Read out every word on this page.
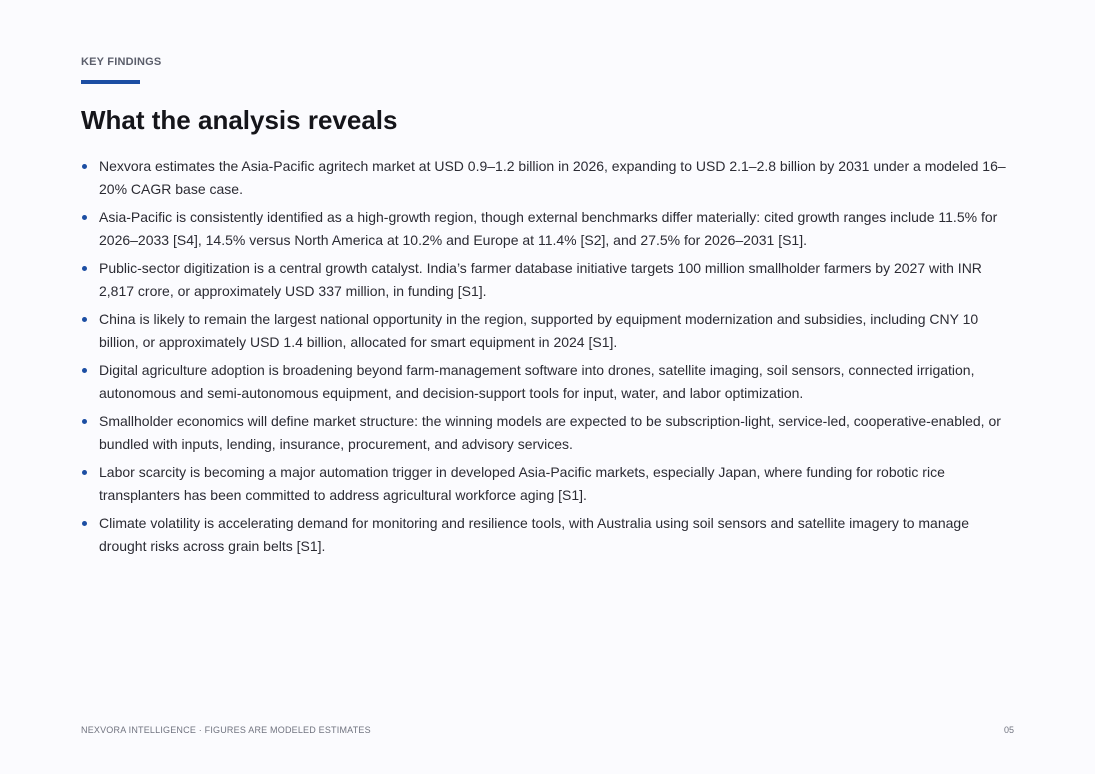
KEY FINDINGS
What the analysis reveals
Nexvora estimates the Asia-Pacific agritech market at USD 0.9–1.2 billion in 2026, expanding to USD 2.1–2.8 billion by 2031 under a modeled 16–20% CAGR base case.
Asia-Pacific is consistently identified as a high-growth region, though external benchmarks differ materially: cited growth ranges include 11.5% for 2026–2033 [S4], 14.5% versus North America at 10.2% and Europe at 11.4% [S2], and 27.5% for 2026–2031 [S1].
Public-sector digitization is a central growth catalyst. India’s farmer database initiative targets 100 million smallholder farmers by 2027 with INR 2,817 crore, or approximately USD 337 million, in funding [S1].
China is likely to remain the largest national opportunity in the region, supported by equipment modernization and subsidies, including CNY 10 billion, or approximately USD 1.4 billion, allocated for smart equipment in 2024 [S1].
Digital agriculture adoption is broadening beyond farm-management software into drones, satellite imaging, soil sensors, connected irrigation, autonomous and semi-autonomous equipment, and decision-support tools for input, water, and labor optimization.
Smallholder economics will define market structure: the winning models are expected to be subscription-light, service-led, cooperative-enabled, or bundled with inputs, lending, insurance, procurement, and advisory services.
Labor scarcity is becoming a major automation trigger in developed Asia-Pacific markets, especially Japan, where funding for robotic rice transplanters has been committed to address agricultural workforce aging [S1].
Climate volatility is accelerating demand for monitoring and resilience tools, with Australia using soil sensors and satellite imagery to manage drought risks across grain belts [S1].
NEXVORA INTELLIGENCE · FIGURES ARE MODELED ESTIMATES	05
